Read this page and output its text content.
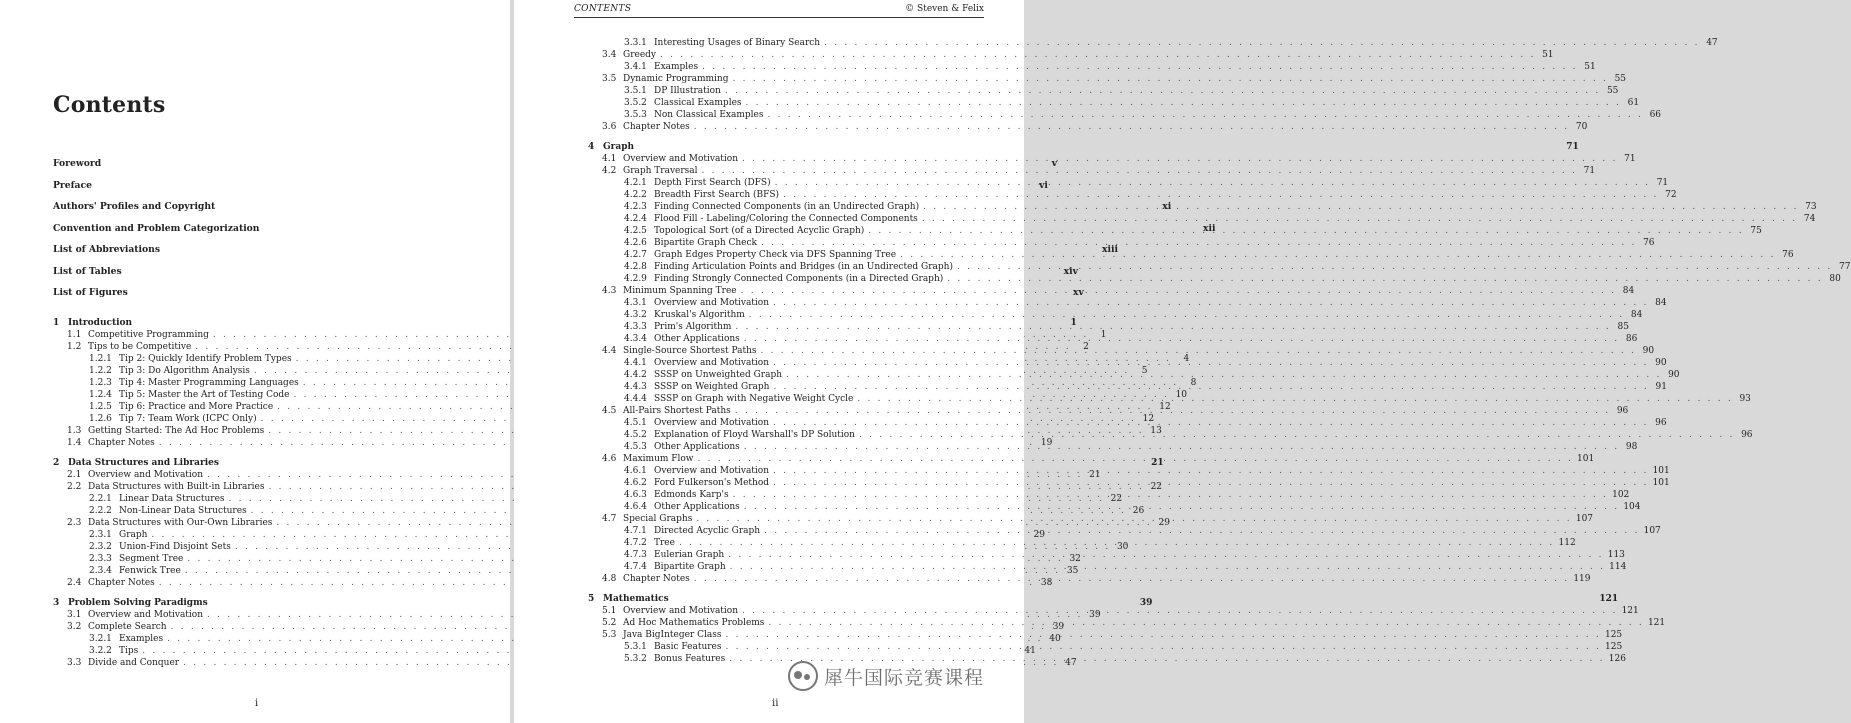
Contents
Foreword	v
Preface	vi
Authors' Profiles and Copyright	xi
Convention and Problem Categorization	xii
List of Abbreviations	xiii
List of Tables	xiv
List of Figures	xv
1 Introduction	1
1.1 Competitive Programming . . .	1
1.2 Tips to be Competitive . . .	2
1.2.1 Tip 2: Quickly Identify Problem Types . . .	4
1.2.2 Tip 3: Do Algorithm Analysis . . .	5
1.2.3 Tip 4: Master Programming Languages . . .	8
1.2.4 Tip 5: Master the Art of Testing Code . . .	10
1.2.5 Tip 6: Practice and More Practice . . .	12
1.2.6 Tip 7: Team Work (ICPC Only) . . .	12
1.3 Getting Started: The Ad Hoc Problems . . .	13
1.4 Chapter Notes . . .	19
2 Data Structures and Libraries	21
2.1 Overview and Motivation . . .	21
2.2 Data Structures with Built-in Libraries . . .	22
2.2.1 Linear Data Structures . . .	22
2.2.2 Non-Linear Data Structures . . .	26
2.3 Data Structures with Our-Own Libraries . . .	29
2.3.1 Graph . . .	29
2.3.2 Union-Find Disjoint Sets . . .	30
2.3.3 Segment Tree . . .	32
2.3.4 Fenwick Tree . . .	35
2.4 Chapter Notes . . .	38
3 Problem Solving Paradigms	39
3.1 Overview and Motivation . . .	39
3.2 Complete Search . . .	39
3.2.1 Examples . . .	40
3.2.2 Tips . . .	41
3.3 Divide and Conquer . . .	47
i
CONTENTS	© Steven & Felix
3.3.1 Interesting Usages of Binary Search . . .	47
3.4 Greedy . . .	51
3.4.1 Examples . . .	51
3.5 Dynamic Programming . . .	55
3.5.1 DP Illustration . . .	55
3.5.2 Classical Examples . . .	61
3.5.3 Non Classical Examples . . .	66
3.6 Chapter Notes . . .	70
4 Graph	71
4.1 Overview and Motivation . . .	71
4.2 Graph Traversal . . .	71
4.2.1 Depth First Search (DFS) . . .	71
4.2.2 Breadth First Search (BFS) . . .	72
4.2.3 Finding Connected Components (in an Undirected Graph) . . .	73
4.2.4 Flood Fill - Labeling/Coloring the Connected Components . . .	74
4.2.5 Topological Sort (of a Directed Acyclic Graph) . . .	75
4.2.6 Bipartite Graph Check . . .	76
4.2.7 Graph Edges Property Check via DFS Spanning Tree . . .	76
4.2.8 Finding Articulation Points and Bridges (in an Undirected Graph) . . .	77
4.2.9 Finding Strongly Connected Components (in a Directed Graph) . . .	80
4.3 Minimum Spanning Tree . . .	84
4.3.1 Overview and Motivation . . .	84
4.3.2 Kruskal's Algorithm . . .	84
4.3.3 Prim's Algorithm . . .	85
4.3.4 Other Applications . . .	86
4.4 Single-Source Shortest Paths . . .	90
4.4.1 Overview and Motivation . . .	90
4.4.2 SSSP on Unweighted Graph . . .	90
4.4.3 SSSP on Weighted Graph . . .	91
4.4.4 SSSP on Graph with Negative Weight Cycle . . .	93
4.5 All-Pairs Shortest Paths . . .	96
4.5.1 Overview and Motivation . . .	96
4.5.2 Explanation of Floyd Warshall's DP Solution . . .	96
4.5.3 Other Applications . . .	98
4.6 Maximum Flow . . .	101
4.6.1 Overview and Motivation . . .	101
4.6.2 Ford Fulkerson's Method . . .	101
4.6.3 Edmonds Karp's . . .	102
4.6.4 Other Applications . . .	104
4.7 Special Graphs . . .	107
4.7.1 Directed Acyclic Graph . . .	107
4.7.2 Tree . . .	112
4.7.3 Eulerian Graph . . .	113
4.7.4 Bipartite Graph . . .	114
4.8 Chapter Notes . . .	119
5 Mathematics	121
5.1 Overview and Motivation . . .	121
5.2 Ad Hoc Mathematics Problems . . .	121
5.3 Java BigInteger Class . . .	125
5.3.1 Basic Features . . .	125
5.3.2 Bonus Features . . .	126
ii
犀牛国际竞赛课程
